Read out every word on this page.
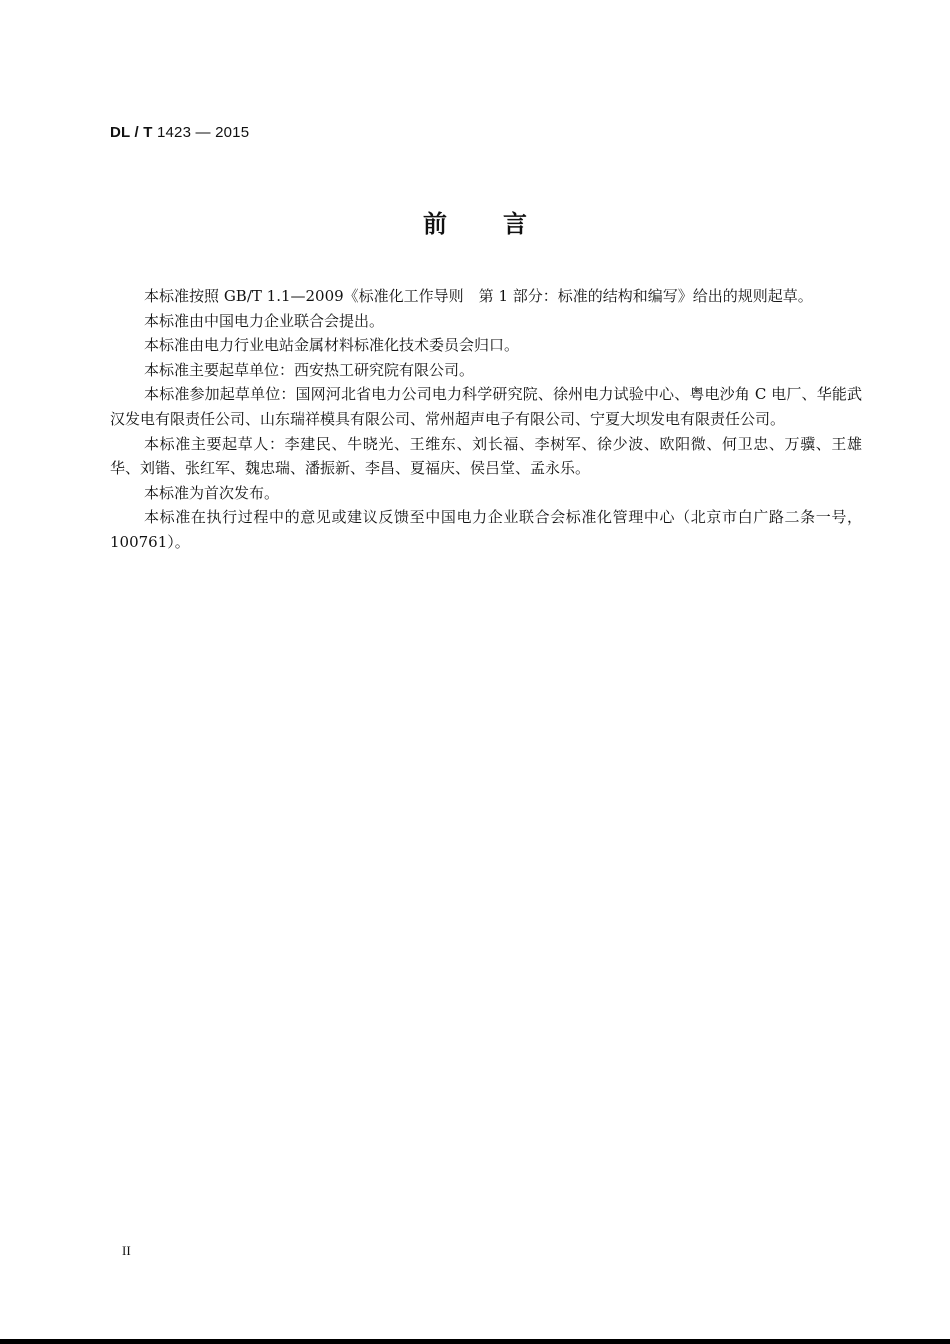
DL / T 1423 — 2015
前言

本标准按照 GB/T 1.1—2009《标准化工作导则　第 1 部分：标准的结构和编写》给出的规则起草。

本标准由中国电力企业联合会提出。

本标准由电力行业电站金属材料标准化技术委员会归口。

本标准主要起草单位：西安热工研究院有限公司。

本标准参加起草单位：国网河北省电力公司电力科学研究院、徐州电力试验中心、粤电沙角 C 电厂、华能武汉发电有限责任公司、山东瑞祥模具有限公司、常州超声电子有限公司、宁夏大坝发电有限责任公司。

本标准主要起草人：李建民、牛晓光、王维东、刘长福、李树军、徐少波、欧阳微、何卫忠、万骥、王雄华、刘锴、张红军、魏忠瑞、潘振新、李昌、夏福庆、侯吕堂、孟永乐。

本标准为首次发布。

本标准在执行过程中的意见或建议反馈至中国电力企业联合会标准化管理中心（北京市白广路二条一号，100761）。

II
